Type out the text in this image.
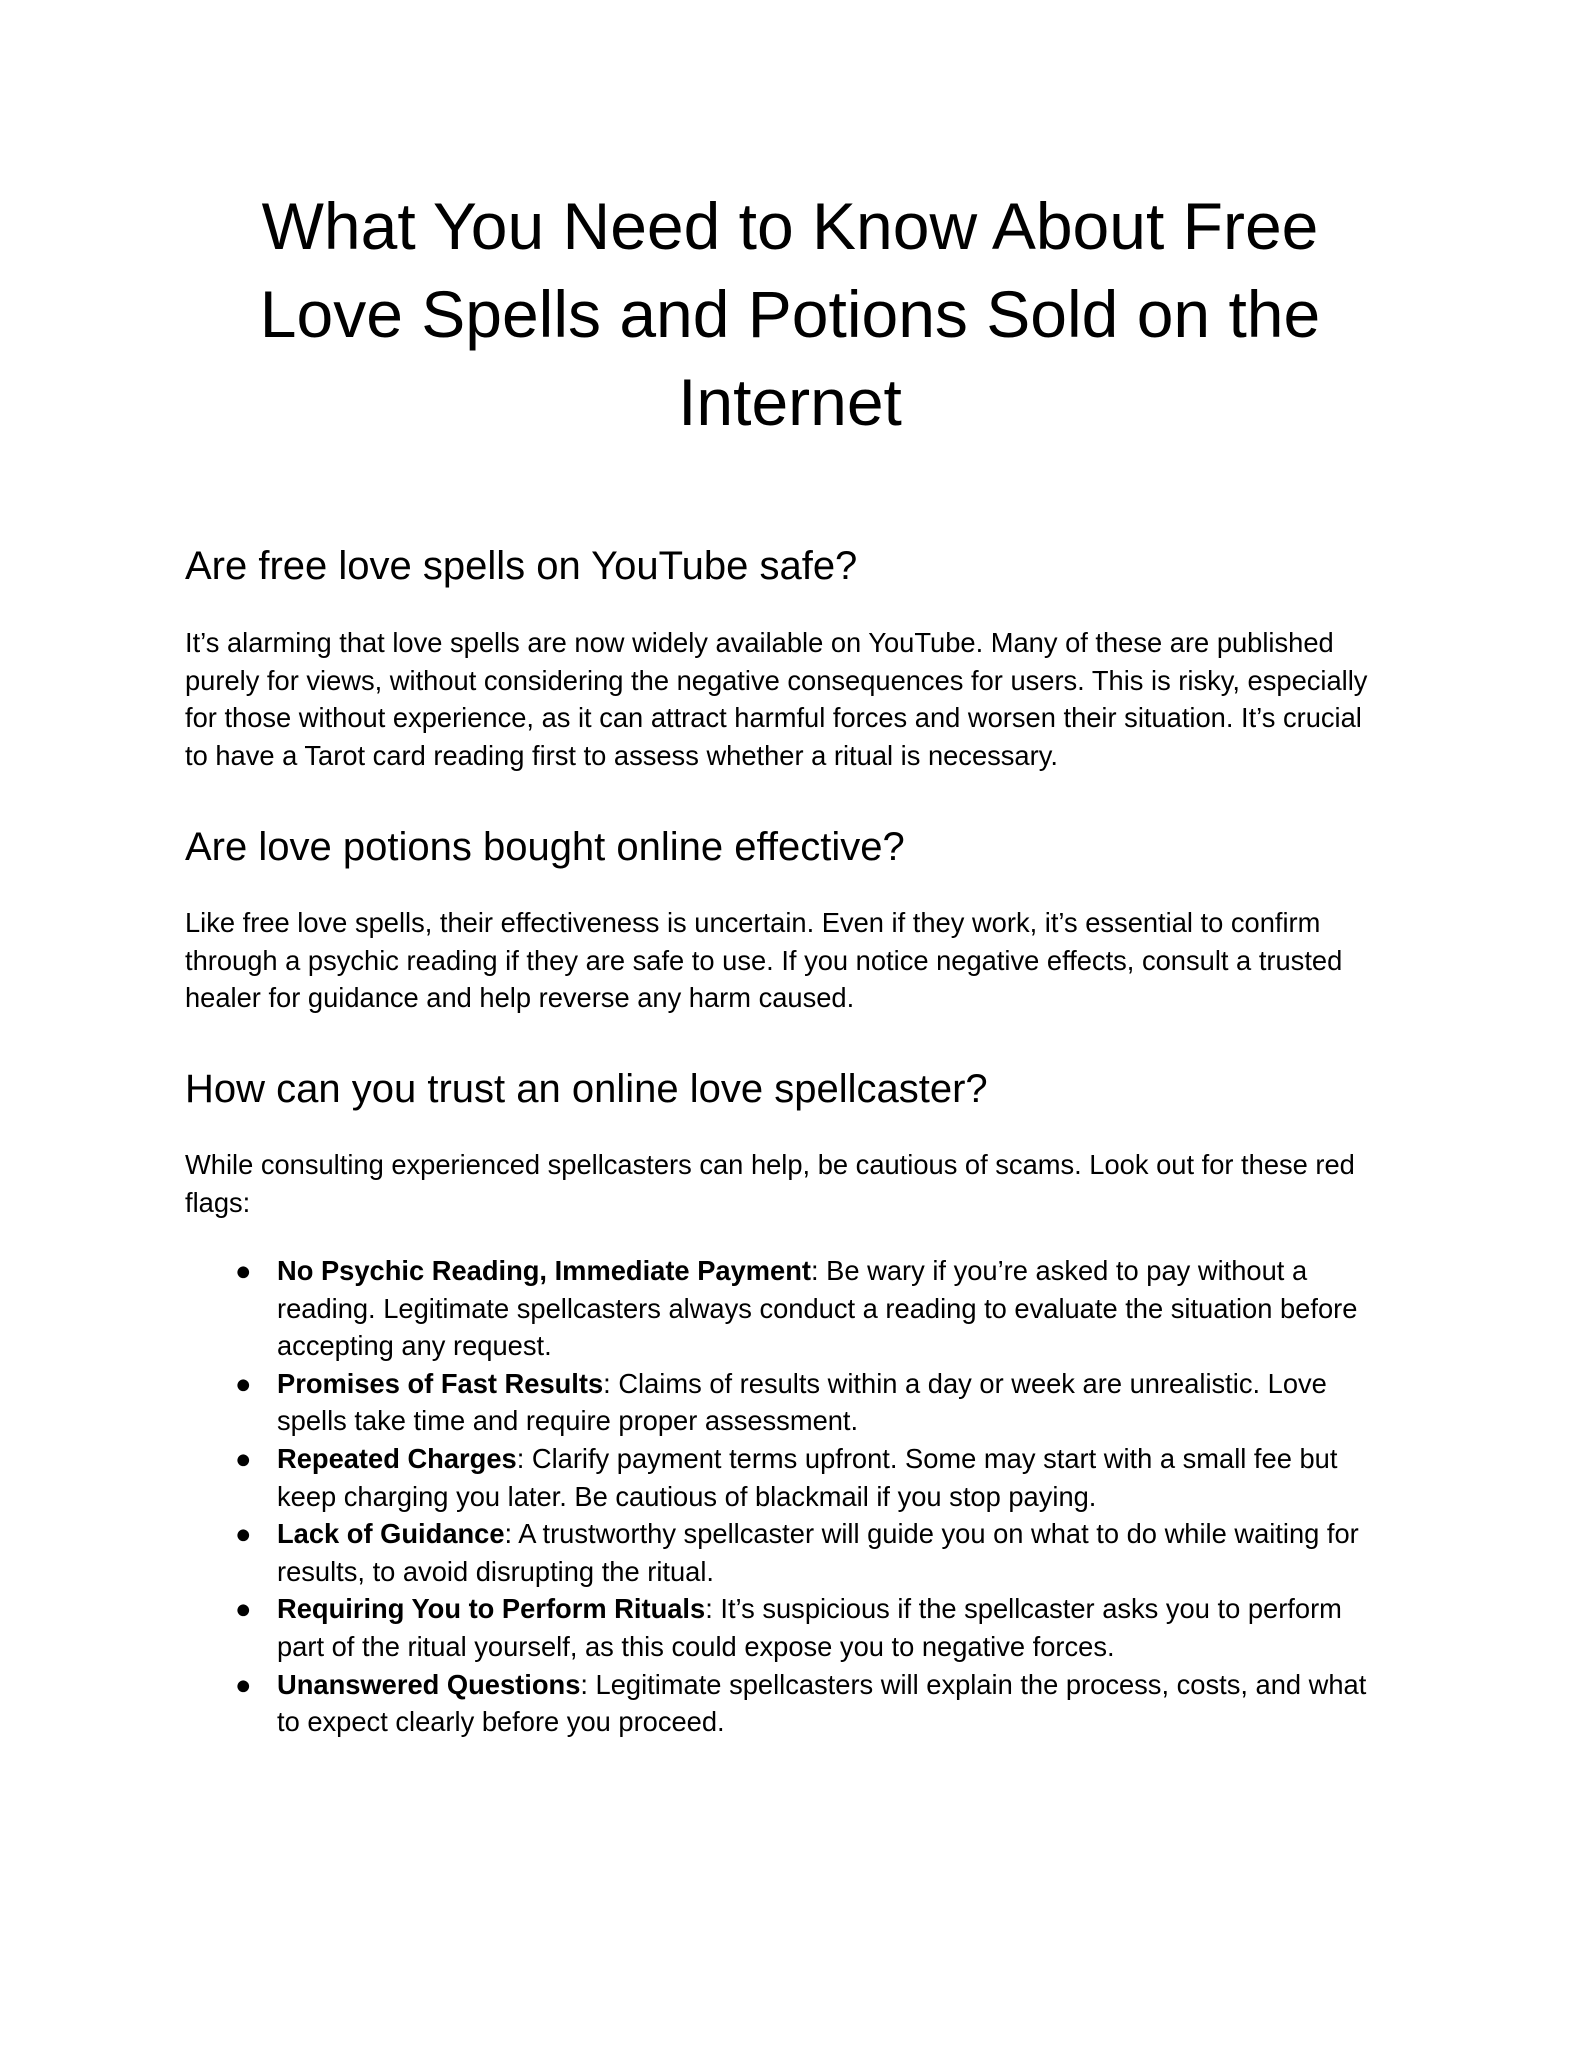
What You Need to Know About Free Love Spells and Potions Sold on the Internet
Are free love spells on YouTube safe?

It’s alarming that love spells are now widely available on YouTube. Many of these are published purely for views, without considering the negative consequences for users. This is risky, especially for those without experience, as it can attract harmful forces and worsen their situation. It’s crucial to have a Tarot card reading first to assess whether a ritual is necessary.

Are love potions bought online effective?

Like free love spells, their effectiveness is uncertain. Even if they work, it’s essential to confirm through a psychic reading if they are safe to use. If you notice negative effects, consult a trusted healer for guidance and help reverse any harm caused.

How can you trust an online love spellcaster?

While consulting experienced spellcasters can help, be cautious of scams. Look out for these red flags:

● No Psychic Reading, Immediate Payment: Be wary if you’re asked to pay without a reading. Legitimate spellcasters always conduct a reading to evaluate the situation before accepting any request.
● Promises of Fast Results: Claims of results within a day or week are unrealistic. Love spells take time and require proper assessment.
● Repeated Charges: Clarify payment terms upfront. Some may start with a small fee but keep charging you later. Be cautious of blackmail if you stop paying.
● Lack of Guidance: A trustworthy spellcaster will guide you on what to do while waiting for results, to avoid disrupting the ritual.
● Requiring You to Perform Rituals: It’s suspicious if the spellcaster asks you to perform part of the ritual yourself, as this could expose you to negative forces.
● Unanswered Questions: Legitimate spellcasters will explain the process, costs, and what to expect clearly before you proceed.
